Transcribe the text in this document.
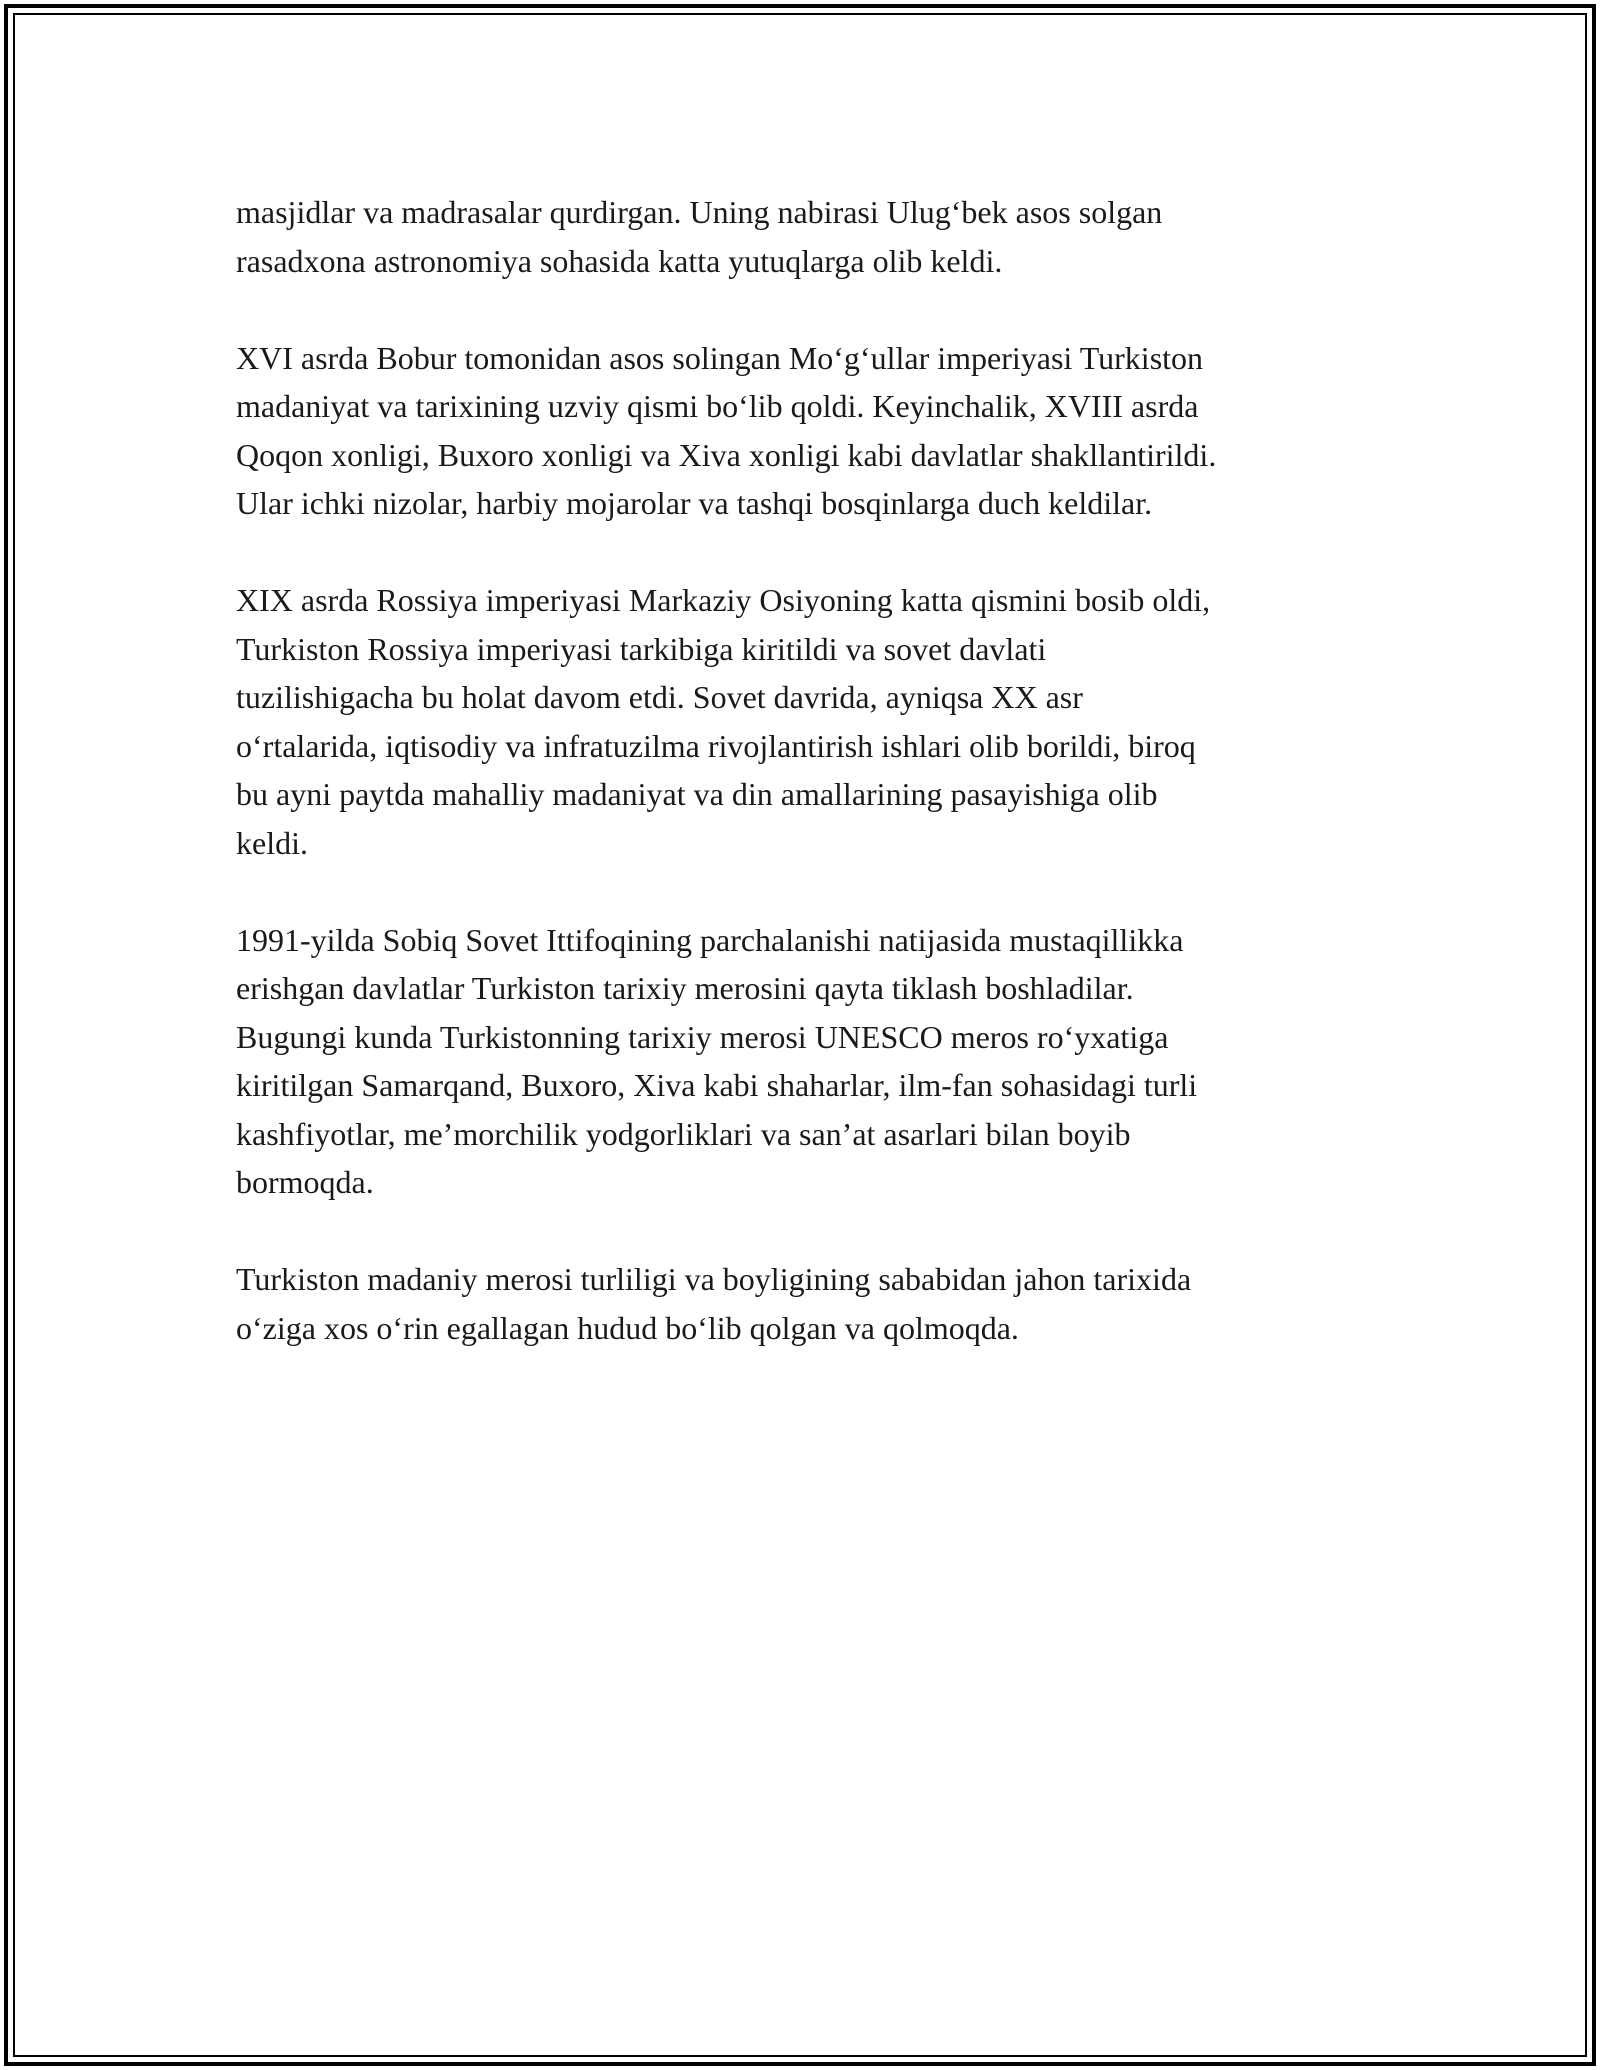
masjidlar va madrasalar qurdirgan. Uning nabirasi Ulug‘bek asos solgan
rasadxona astronomiya sohasida katta yutuqlarga olib keldi.

XVI asrda Bobur tomonidan asos solingan Mo‘g‘ullar imperiyasi Turkiston
madaniyat va tarixining uzviy qismi bo‘lib qoldi. Keyinchalik, XVIII asrda
Qoqon xonligi, Buxoro xonligi va Xiva xonligi kabi davlatlar shakllantirildi.
Ular ichki nizolar, harbiy mojarolar va tashqi bosqinlarga duch keldilar.

XIX asrda Rossiya imperiyasi Markaziy Osiyoning katta qismini bosib oldi,
Turkiston Rossiya imperiyasi tarkibiga kiritildi va sovet davlati
tuzilishigacha bu holat davom etdi. Sovet davrida, ayniqsa XX asr
o‘rtalarida, iqtisodiy va infratuzilma rivojlantirish ishlari olib borildi, biroq
bu ayni paytda mahalliy madaniyat va din amallarining pasayishiga olib
keldi.

1991-yilda Sobiq Sovet Ittifoqining parchalanishi natijasida mustaqillikka
erishgan davlatlar Turkiston tarixiy merosini qayta tiklash boshladilar.
Bugungi kunda Turkistonning tarixiy merosi UNESCO meros ro‘yxatiga
kiritilgan Samarqand, Buxoro, Xiva kabi shaharlar, ilm-fan sohasidagi turli
kashfiyotlar, me’morchilik yodgorliklari va san’at asarlari bilan boyib
bormoqda.

Turkiston madaniy merosi turliligi va boyligining sababidan jahon tarixida
o‘ziga xos o‘rin egallagan hudud bo‘lib qolgan va qolmoqda.
